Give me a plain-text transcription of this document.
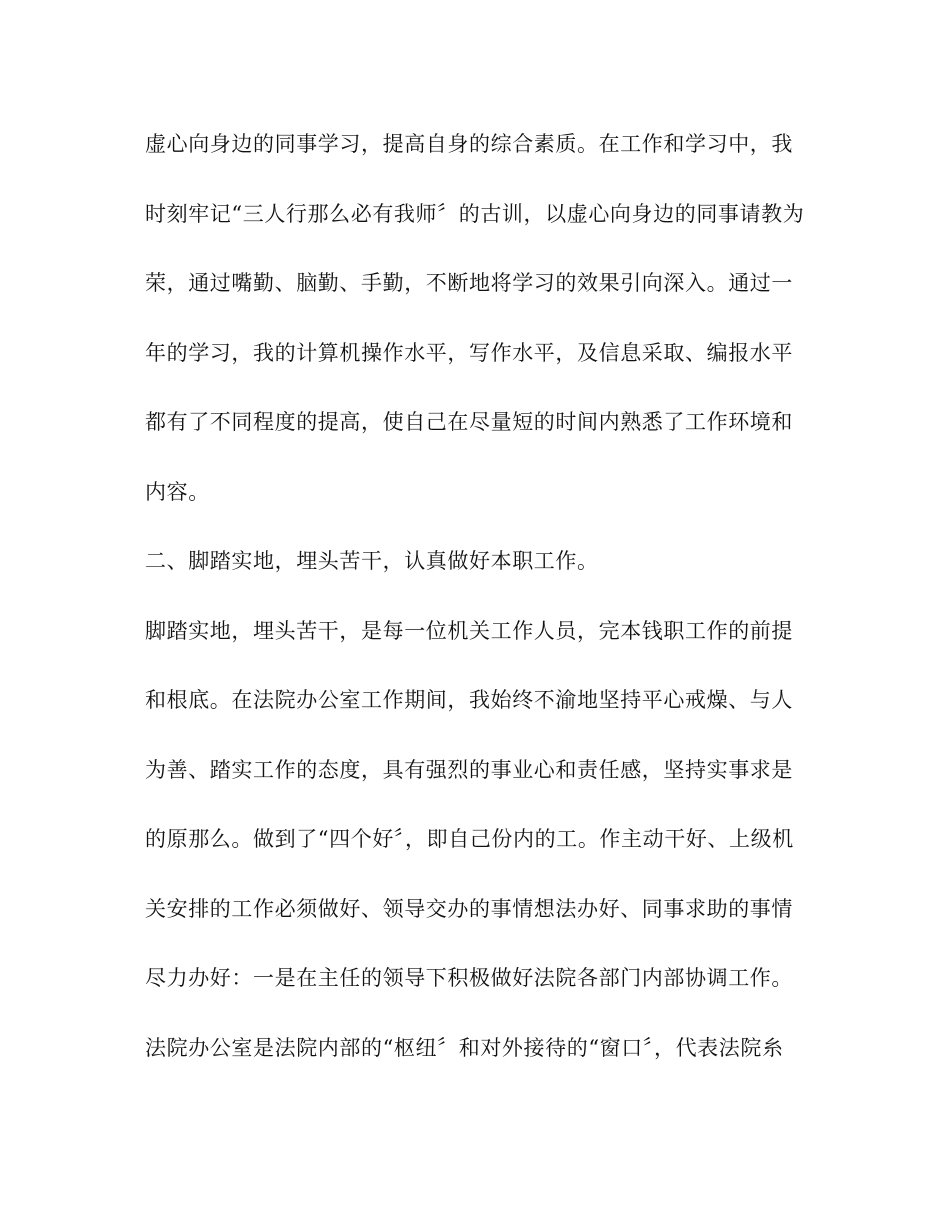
虚心向身边的同事学习，提高自身的综合素质。在工作和学习中，我
时刻牢记“三人行那么必有我师〞的古训，以虚心向身边的同事请教为
荣，通过嘴勤、脑勤、手勤，不断地将学习的效果引向深入。通过一
年的学习，我的计算机操作水平，写作水平，及信息采取、编报水平
都有了不同程度的提高，使自己在尽量短的时间内熟悉了工作环境和
内容。
二、脚踏实地，埋头苦干，认真做好本职工作。
脚踏实地，埋头苦干，是每一位机关工作人员，完本钱职工作的前提
和根底。在法院办公室工作期间，我始终不渝地坚持平心戒燥、与人
为善、踏实工作的态度，具有强烈的事业心和责任感，坚持实事求是
的原那么。做到了“四个好〞，即自己份内的工。作主动干好、上级机
关安排的工作必须做好、领导交办的事情想法办好、同事求助的事情
尽力办好：一是在主任的领导下积极做好法院各部门内部协调工作。
法院办公室是法院内部的“枢纽〞和对外接待的“窗口〞，代表法院糸
